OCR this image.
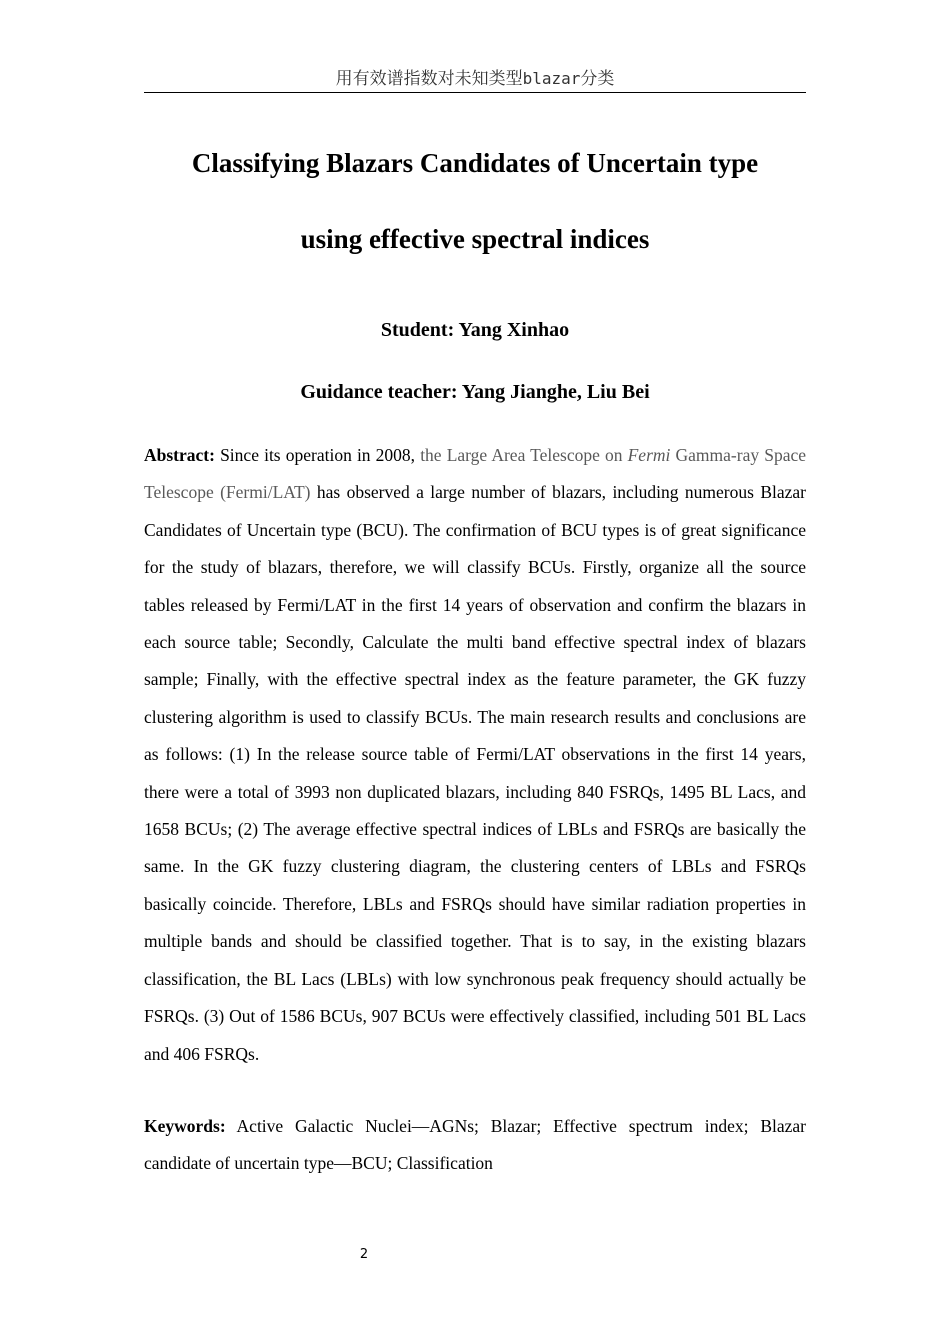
用有效谱指数对未知类型blazar分类
Classifying Blazars Candidates of Uncertain type
using effective spectral indices

Student: Yang Xinhao

Guidance teacher: Yang Jianghe, Liu Bei

Abstract: Since its operation in 2008, the Large Area Telescope on Fermi Gamma-ray Space Telescope (Fermi/LAT) has observed a large number of blazars, including numerous Blazar Candidates of Uncertain type (BCU). The confirmation of BCU types is of great significance for the study of blazars, therefore, we will classify BCUs. Firstly, organize all the source tables released by Fermi/LAT in the first 14 years of observation and confirm the blazars in each source table; Secondly, Calculate the multi band effective spectral index of blazars sample; Finally, with the effective spectral index as the feature parameter, the GK fuzzy clustering algorithm is used to classify BCUs. The main research results and conclusions are as follows: (1) In the release source table of Fermi/LAT observations in the first 14 years, there were a total of 3993 non duplicated blazars, including 840 FSRQs, 1495 BL Lacs, and 1658 BCUs; (2) The average effective spectral indices of LBLs and FSRQs are basically the same. In the GK fuzzy clustering diagram, the clustering centers of LBLs and FSRQs basically coincide. Therefore, LBLs and FSRQs should have similar radiation properties in multiple bands and should be classified together. That is to say, in the existing blazars classification, the BL Lacs (LBLs) with low synchronous peak frequency should actually be FSRQs. (3) Out of 1586 BCUs, 907 BCUs were effectively classified, including 501 BL Lacs and 406 FSRQs.

Keywords: Active Galactic Nuclei—AGNs; Blazar; Effective spectrum index; Blazar candidate of uncertain type—BCU; Classification

2
